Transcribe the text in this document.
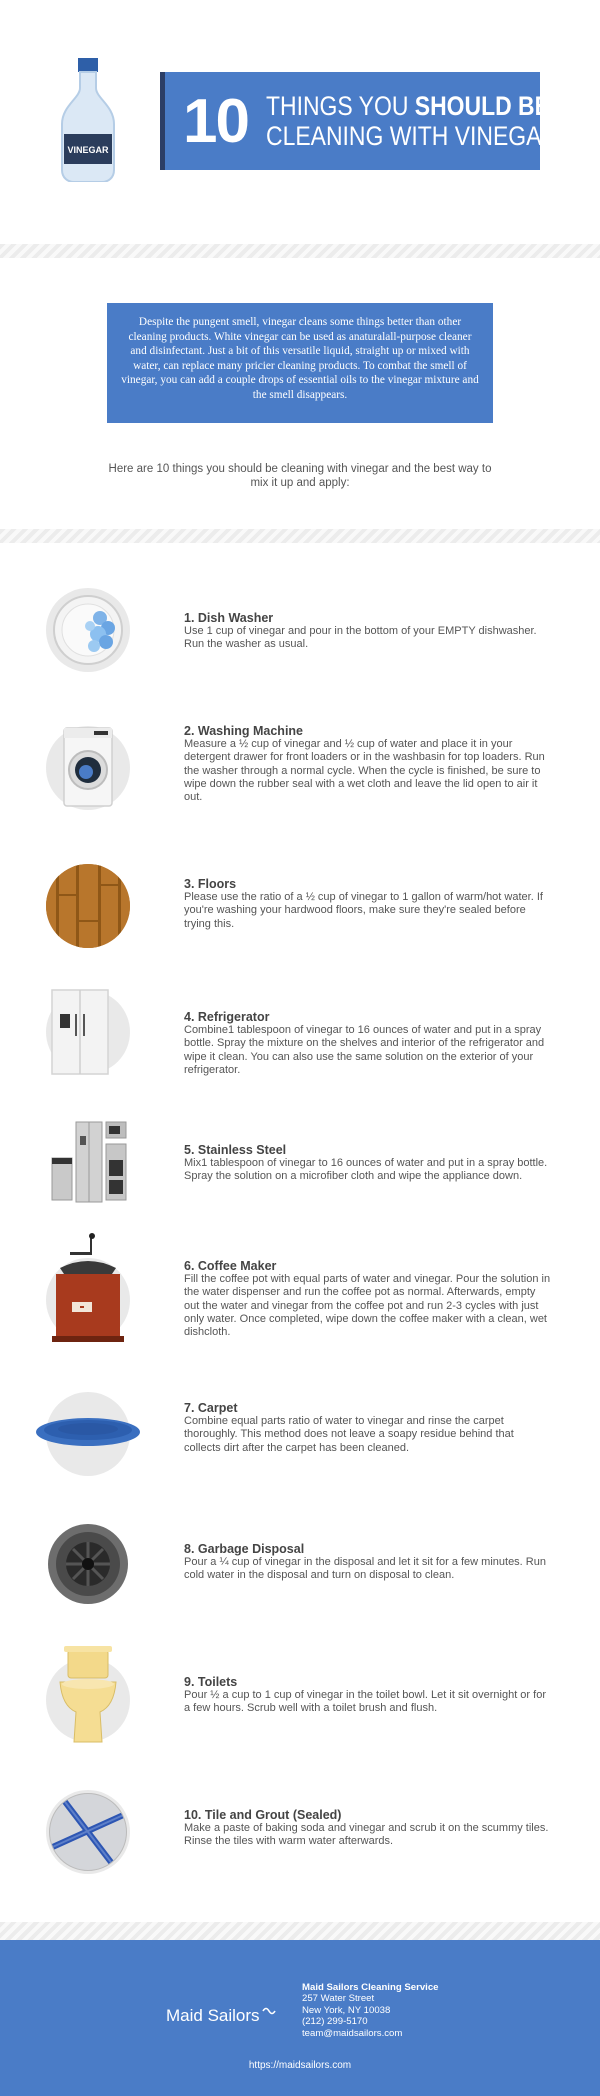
VINEGAR 10 THINGS YOU SHOULD BE
CLEANING WITH VINEGAR
Despite the pungent smell, vinegar cleans some things better than other cleaning products. White vinegar can be used as anaturalall-purpose cleaner and disinfectant. Just a bit of this versatile liquid, straight up or mixed with water, can replace many pricier cleaning products. To combat the smell of vinegar, you can add a couple drops of essential oils to the vinegar mixture and the smell disappears.
Here are 10 things you should be cleaning with vinegar and the best way to mix it up and apply:
1. Dish Washer
Use 1 cup of vinegar and pour in the bottom of your EMPTY dishwasher. Run the washer as usual.
2. Washing Machine
Measure a ½ cup of vinegar and ½ cup of water and place it in your detergent drawer for front loaders or in the washbasin for top loaders. Run the washer through a normal cycle. When the cycle is finished, be sure to wipe down the rubber seal with a wet cloth and leave the lid open to air it out.
3. Floors
Please use the ratio of a ½ cup of vinegar to 1 gallon of warm/hot water. If you're washing your hardwood floors, make sure they're sealed before trying this.
4. Refrigerator
Combine1 tablespoon of vinegar to 16 ounces of water and put in a spray bottle. Spray the mixture on the shelves and interior of the refrigerator and wipe it clean. You can also use the same solution on the exterior of your refrigerator.
5. Stainless Steel
Mix1 tablespoon of vinegar to 16 ounces of water and put in a spray bottle. Spray the solution on a microfiber cloth and wipe the appliance down.
6. Coffee Maker
Fill the coffee pot with equal parts of water and vinegar. Pour the solution in the water dispenser and run the coffee pot as normal. Afterwards, empty out the water and vinegar from the coffee pot and run 2-3 cycles with just only water. Once completed, wipe down the coffee maker with a clean, wet dishcloth.
7. Carpet
Combine equal parts ratio of water to vinegar and rinse the carpet thoroughly. This method does not leave a soapy residue behind that collects dirt after the carpet has been cleaned.
8. Garbage Disposal
Pour a ¼ cup of vinegar in the disposal and let it sit for a few minutes. Run cold water in the disposal and turn on disposal to clean.
9. Toilets
Pour ½ a cup to 1 cup of vinegar in the toilet bowl. Let it sit overnight or for a few hours. Scrub well with a toilet brush and flush.
10. Tile and Grout (Sealed)
Make a paste of baking soda and vinegar and scrub it on the scummy tiles. Rinse the tiles with warm water afterwards.
Maid Sailors
Maid Sailors Cleaning Service
257 Water Street
New York, NY 10038
(212) 299-5170
team@maidsailors.com
https://maidsailors.com
